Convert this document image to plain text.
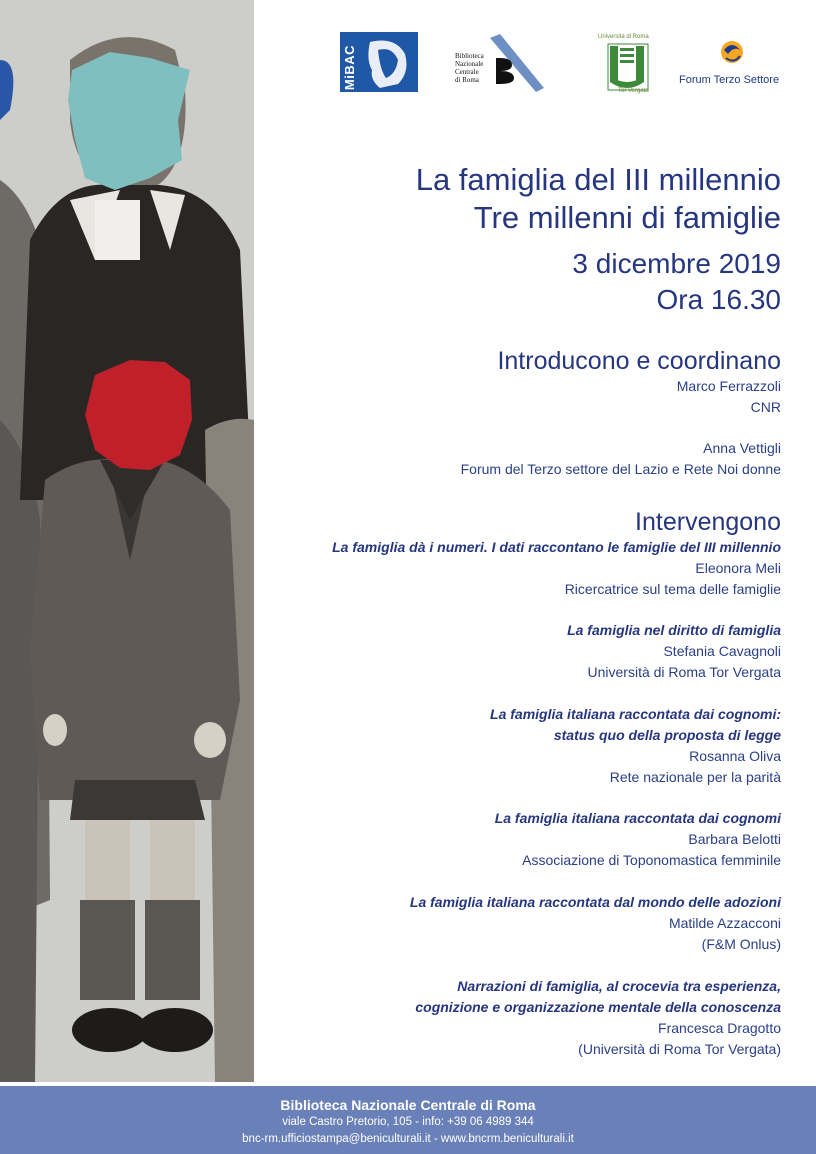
MiBAC	Biblioteca
Nazionale
Centrale
di Roma
Università di Roma
Tor Vergata
Forum Terzo Settore
La famiglia del III millennio
Tre millenni di famiglie
3 dicembre 2019
Ora 16.30
Introducono e coordinano
Marco Ferrazzoli
CNR
Anna Vettigli
Forum del Terzo settore del Lazio e Rete Noi donne
Intervengono
La famiglia dà i numeri. I dati raccontano le famiglie del III millennio
Eleonora Meli
Ricercatrice sul tema delle famiglie
La famiglia nel diritto di famiglia
Stefania Cavagnoli
Università di Roma Tor Vergata
La famiglia italiana raccontata dai cognomi:
status quo della proposta di legge
Rosanna Oliva
Rete nazionale per la parità
La famiglia italiana raccontata dai cognomi
Barbara Belotti
Associazione di Toponomastica femminile
La famiglia italiana raccontata dal mondo delle adozioni
Matilde Azzacconi
(F&M Onlus)
Narrazioni di famiglia, al crocevia tra esperienza,
cognizione e organizzazione mentale della conoscenza
Francesca Dragotto
(Università di Roma Tor Vergata)
Biblioteca Nazionale Centrale di Roma
viale Castro Pretorio, 105 - info: +39 06 4989 344
bnc-rm.ufficiostampa@beniculturali.it - www.bncrm.beniculturali.it
